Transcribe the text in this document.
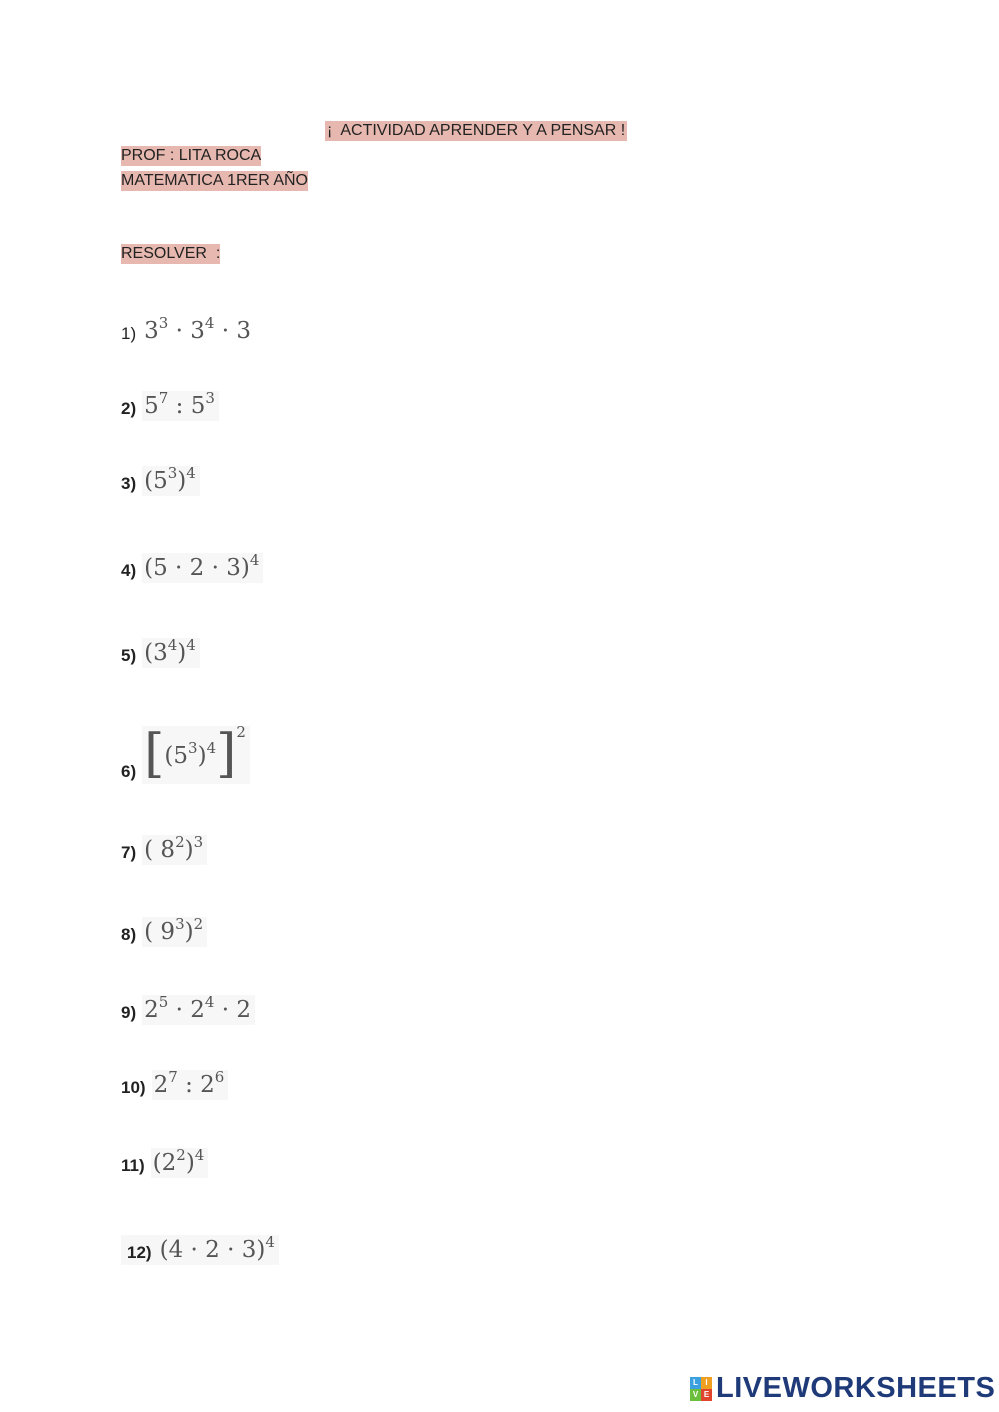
¡  ACTIVIDAD APRENDER Y A PENSAR !
PROF : LITA ROCA
MATEMATICA 1RER AÑO
RESOLVER  :
1) $3^3 \cdot 3^4 \cdot 3$
2) $5^7$ : $5^3$
3) $(5^3)^4$
4) $(5 \cdot 2 \cdot 3)^4$
5) $(3^4)^4$
6) $[(5^3)^4]^2$
7) ( $8^2)^3$
8) ( $9^3)^2$
9) $2^5 \cdot 2^4 \cdot 2$
10) $2^7$ : $2^6$
11) $(2^2)^4$
12) $(4 \cdot 2 \cdot 3)^4$
L I
V E LIVEWORKSHEETS
